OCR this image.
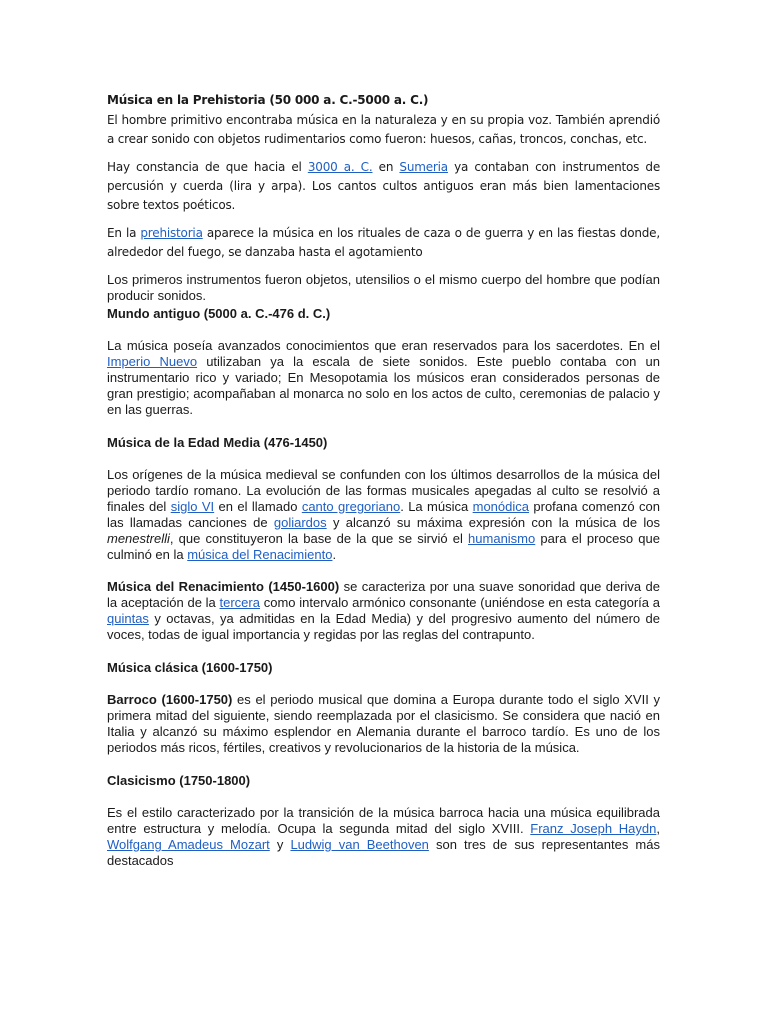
Música en la Prehistoria (50 000 a. C.-5000 a. C.)

El hombre primitivo encontraba música en la naturaleza y en su propia voz. También aprendió a crear sonido con objetos rudimentarios como fueron: huesos, cañas, troncos, conchas, etc.

Hay constancia de que hacia el 3000 a. C. en Sumeria ya contaban con instrumentos de percusión y cuerda (lira y arpa). Los cantos cultos antiguos eran más bien lamentaciones sobre textos poéticos.

En la prehistoria aparece la música en los rituales de caza o de guerra y en las fiestas donde, alrededor del fuego, se danzaba hasta el agotamiento

Los primeros instrumentos fueron objetos, utensilios o el mismo cuerpo del hombre que podían producir sonidos.

Mundo antiguo (5000 a. C.-476 d. C.)

La música poseía avanzados conocimientos que eran reservados para los sacerdotes. En el Imperio Nuevo utilizaban ya la escala de siete sonidos. Este pueblo contaba con un instrumentario rico y variado; En Mesopotamia los músicos eran considerados personas de gran prestigio; acompañaban al monarca no solo en los actos de culto, ceremonias de palacio y en las guerras.

Música de la Edad Media (476-1450)

Los orígenes de la música medieval se confunden con los últimos desarrollos de la música del periodo tardío romano. La evolución de las formas musicales apegadas al culto se resolvió a finales del siglo VI en el llamado canto gregoriano. La música monódica profana comenzó con las llamadas canciones de goliardos y alcanzó su máxima expresión con la música de los menestrelli, que constituyeron la base de la que se sirvió el humanismo para el proceso que culminó en la música del Renacimiento.

Música del Renacimiento (1450-1600) se caracteriza por una suave sonoridad que deriva de la aceptación de la tercera como intervalo armónico consonante (uniéndose en esta categoría a quintas y octavas, ya admitidas en la Edad Media) y del progresivo aumento del número de voces, todas de igual importancia y regidas por las reglas del contrapunto.

Música clásica (1600-1750)

Barroco (1600-1750) es el periodo musical que domina a Europa durante todo el siglo XVII y primera mitad del siguiente, siendo reemplazada por el clasicismo. Se considera que nació en Italia y alcanzó su máximo esplendor en Alemania durante el barroco tardío. Es uno de los periodos más ricos, fértiles, creativos y revolucionarios de la historia de la música.

Clasicismo (1750-1800)

Es el estilo caracterizado por la transición de la música barroca hacia una música equilibrada entre estructura y melodía. Ocupa la segunda mitad del siglo XVIII. Franz Joseph Haydn, Wolfgang Amadeus Mozart y Ludwig van Beethoven son tres de sus representantes más destacados
